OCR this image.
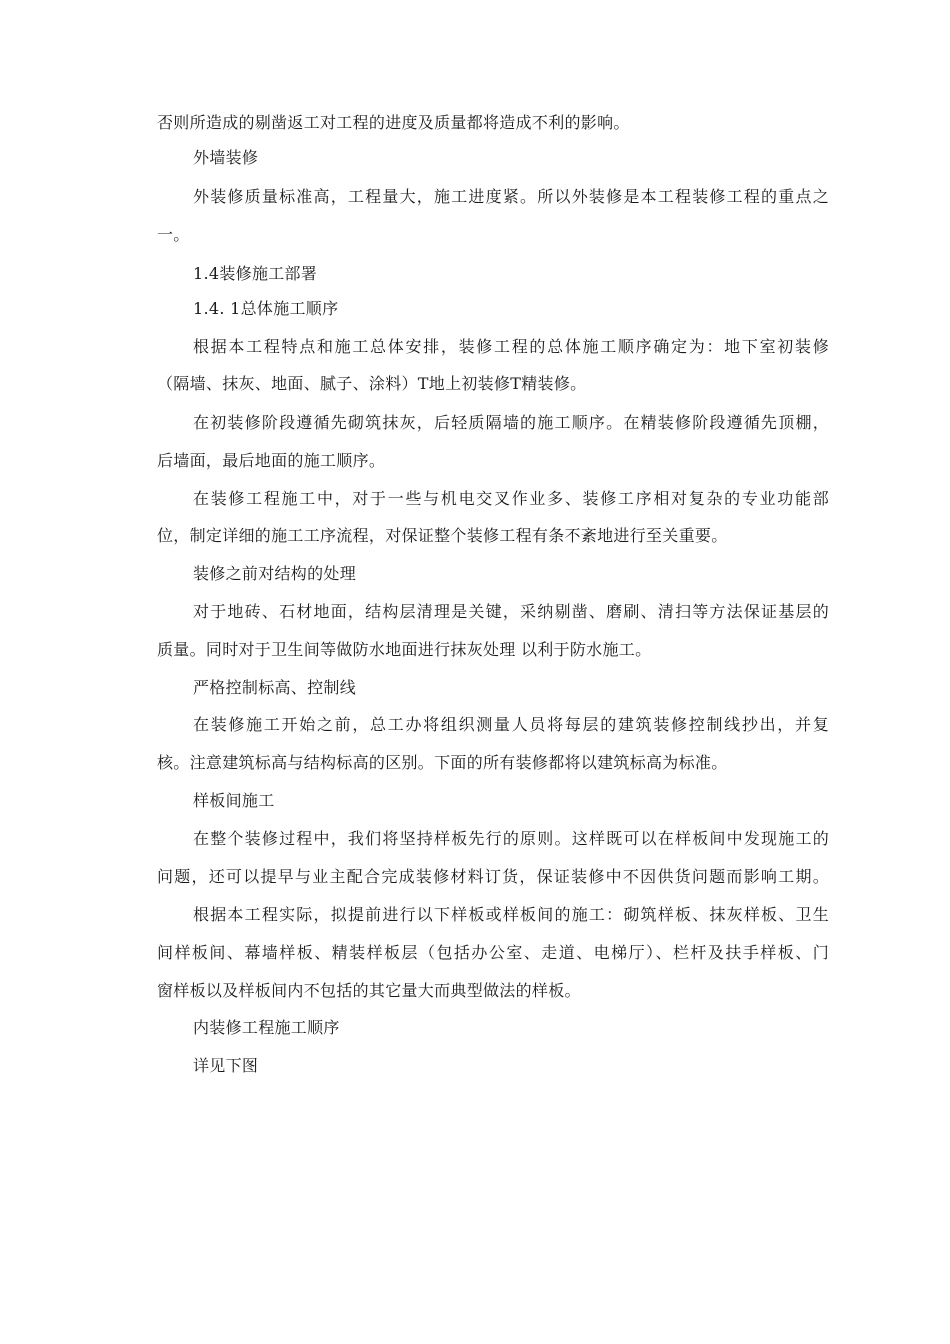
否则所造成的剔凿返工对工程的进度及质量都将造成不利的影响。
外墙装修
外装修质量标准高，工程量大，施工进度紧。所以外装修是本工程装修工程的重点之
一。
1.4装修施工部署
1.4. 1总体施工顺序
根据本工程特点和施工总体安排，装修工程的总体施工顺序确定为：地下室初装修
（隔墙、抹灰、地面、腻子、涂料）T地上初装修T精装修。
在初装修阶段遵循先砌筑抹灰，后轻质隔墙的施工顺序。在精装修阶段遵循先顶棚，
后墙面，最后地面的施工顺序。
在装修工程施工中，对于一些与机电交叉作业多、装修工序相对复杂的专业功能部
位，制定详细的施工工序流程，对保证整个装修工程有条不紊地进行至关重要。
装修之前对结构的处理
对于地砖、石材地面，结构层清理是关键，采纳剔凿、磨刷、清扫等方法保证基层的
质量。同时对于卫生间等做防水地面进行抹灰处理 以利于防水施工。
严格控制标高、控制线
在装修施工开始之前，总工办将组织测量人员将每层的建筑装修控制线抄出，并复
核。注意建筑标高与结构标高的区别。下面的所有装修都将以建筑标高为标准。
样板间施工
在整个装修过程中，我们将坚持样板先行的原则。这样既可以在样板间中发现施工的
问题，还可以提早与业主配合完成装修材料订货，保证装修中不因供货问题而影响工期。
根据本工程实际，拟提前进行以下样板或样板间的施工：砌筑样板、抹灰样板、卫生
间样板间、幕墙样板、精装样板层（包括办公室、走道、电梯厅）、栏杆及扶手样板、门
窗样板以及样板间内不包括的其它量大而典型做法的样板。
内装修工程施工顺序
详见下图
